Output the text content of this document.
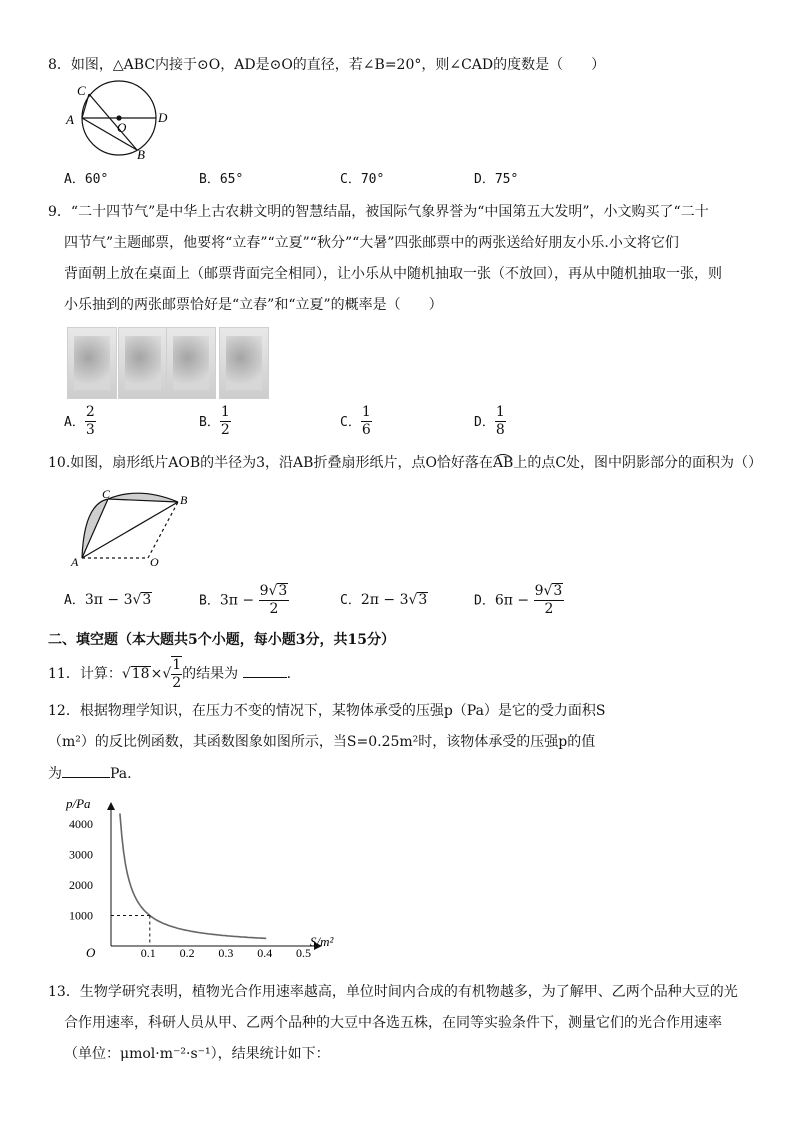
8．如图，△ABC内接于⊙O，AD是⊙O的直径，若∠B=20°，则∠CAD的度数是（　　）
C
A
O
D
B
A．60°	B．65°	C．70°	D．75°
9．“二十四节气”是中华上古农耕文明的智慧结晶，被国际气象界誉为“中国第五大发明”，小文购买了“二十
四节气”主题邮票，他要将“立春”“立夏”“秋分”“大暑”四张邮票中的两张送给好朋友小乐.小文将它们
背面朝上放在桌面上（邮票背面完全相同），让小乐从中随机抽取一张（不放回），再从中随机抽取一张，则
小乐抽到的两张邮票恰好是“立春”和“立夏”的概率是（　　）
A． $\frac{2}{3}$	B． $\frac{1}{2}$	C． $\frac{1}{6}$	D． $\frac{1}{8}$
10.如图，扇形纸片AOB的半径为3，沿AB折叠扇形纸片，点O恰好落在AB上的点C处，图中阴影部分的面积为（）
C	B
A	O
A．3π − 3√3	B．$3\pi - \frac{9√3}{2}$	C．2π − 3√3	D．$6\pi - \frac{9√3}{2}$
二、填空题（本大题共5个小题，每小题3分，共15分）
11．计算：$√18\times√ \frac{1}{2}$ 的结果为	.
12．根据物理学知识，在压力不变的情况下，某物体承受的压强p（Pa）是它的受力面积S
（m²）的反比例函数，其函数图象如图所示，当S=0.25m²时，该物体承受的压强p的值
为	Pa.
p/Pa
S/m²
O	0.1 0.2 0.3 0.4 0.5
1000
2000
3000
4000
13．生物学研究表明，植物光合作用速率越高，单位时间内合成的有机物越多，为了解甲、乙两个品种大豆的光
合作用速率，科研人员从甲、乙两个品种的大豆中各选五株，在同等实验条件下，测量它们的光合作用速率
（单位：μmol·m⁻²·s⁻¹），结果统计如下：
